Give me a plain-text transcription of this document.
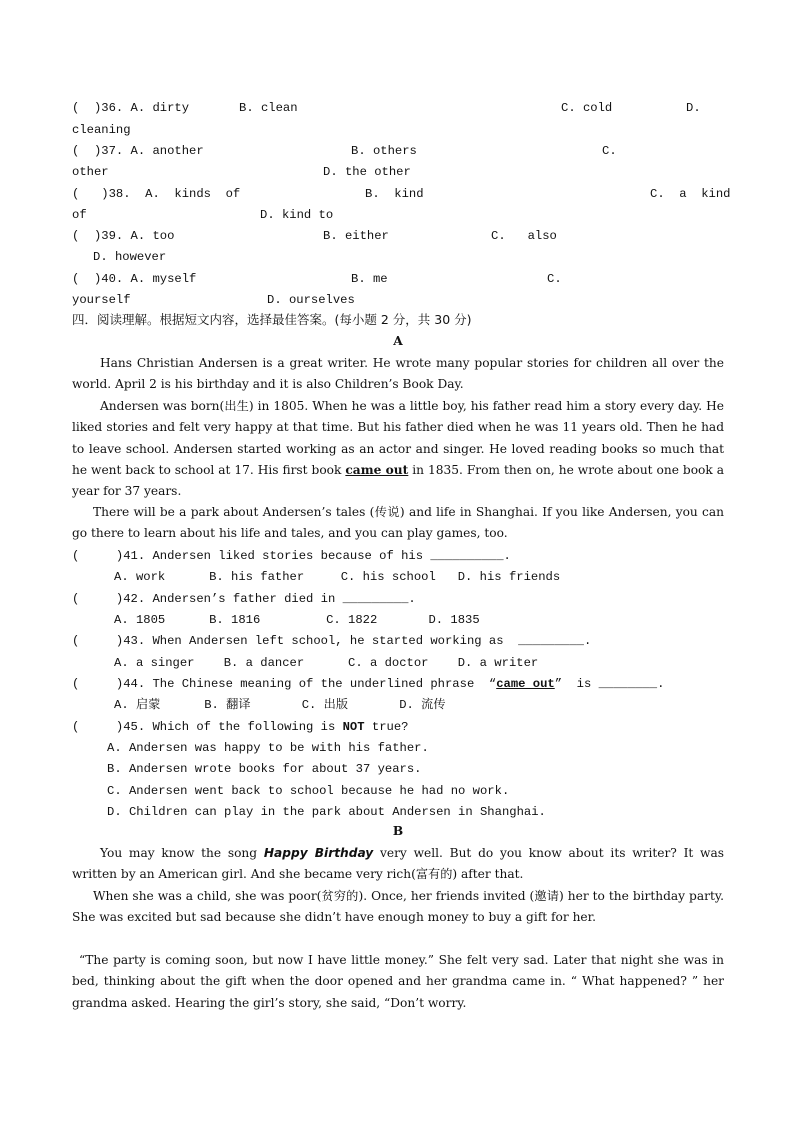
(  )36. A. dirty	B. clean	C. cold	D.
cleaning
(  )37. A. another	B. others	C.
other	D. the other
(   )38.  A.  kinds  of	B.  kind	C.  a  kind
of	D. kind to
(  )39. A. too	B. either	C.   also
D. however
(  )40. A. myself	B. me	C.
yourself	D. ourselves
四．阅读理解。根据短文内容，选择最佳答案。(每小题 2 分，共 30 分)
A
Hans Christian Andersen is a great writer. He wrote many popular stories for children all over the world. April 2 is his birthday and it is also Children’s Book Day.
Andersen was born(出生) in 1805. When he was a little boy, his father read him a story every day. He liked stories and felt very happy at that time. But his father died when he was 11 years old. Then he had to leave school. Andersen started working as an actor and singer. He loved reading books so much that he went back to school at 17. His first book came out in 1835. From then on, he wrote about one book a year for 37 years.
There will be a park about Andersen’s tales (传说) and life in Shanghai. If you like Andersen, you can go there to learn about his life and tales, and you can play games, too.
(     )41. Andersen liked stories because of his __________.
A. work      B. his father     C. his school   D. his friends
(     )42. Andersen’s father died in _________.
A. 1805      B. 1816         C. 1822       D. 1835
(     )43. When Andersen left school, he started working as  _________.
A. a singer    B. a dancer      C. a doctor    D. a writer
(     )44. The Chinese meaning of the underlined phrase  “came out”  is ________.
A. 启蒙      B. 翻译       C. 出版       D. 流传
(     )45. Which of the following is NOT true?
A. Andersen was happy to be with his father.
B. Andersen wrote books for about 37 years.
C. Andersen went back to school because he had no work.
D. Children can play in the park about Andersen in Shanghai.
B
You may know the song Happy Birthday very well. But do you know about its writer? It was written by an American girl. And she became very rich(富有的) after that.
When she was a child, she was poor(贫穷的). Once, her friends invited (邀请) her to the birthday party. She was excited but sad because she didn’t have enough money to buy a gift for her.
“The party is coming soon, but now I have little money.” She felt very sad. Later that night she was in bed, thinking about the gift when the door opened and her grandma came in. “ What happened? ” her grandma asked. Hearing the girl’s story, she said, “Don’t worry.
